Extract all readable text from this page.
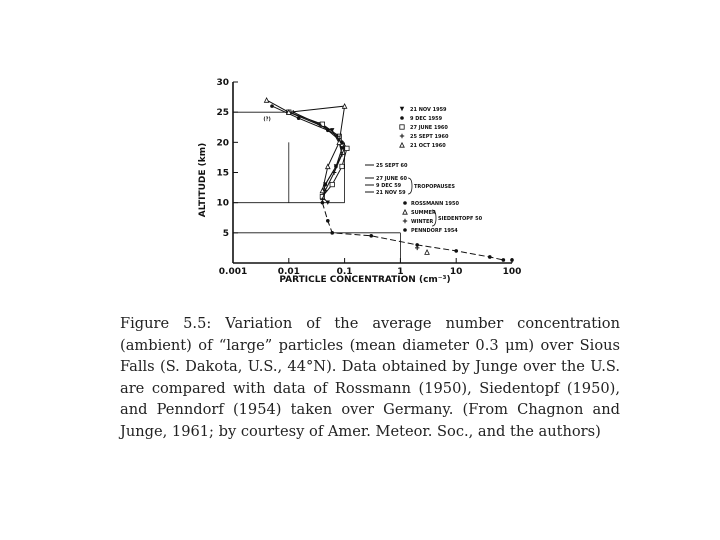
30
25
20
15
10
5
0.001	0.01	0.1	1	10	100
(?)
21 NOV 1959
9 DEC 1959
27 JUNE 1960
25 SEPT 1960
21 OCT 1960
25 SEPT 60
27 JUNE 60
9 DEC 59
21 NOV 59
TROPOPAUSES
ROSSMANN 1950
SUMMER
WINTER
PENNDORF 1954
SIEDENTOPF 50
ALTITUDE (km)
PARTICLE CONCENTRATION (cm⁻³)
Figure 5.5: Variation of the average number concentration (ambient) of “large” particles (mean diameter 0.3 μm) over Sious Falls (S. Dakota, U.S., 44°N). Data obtained by Junge over the U.S. are compared with data of Rossmann (1950), Siedentopf (1950), and Penndorf (1954) taken over Germany. (From Chagnon and Junge, 1961; by courtesy of Amer. Meteor. Soc., and the authors)
